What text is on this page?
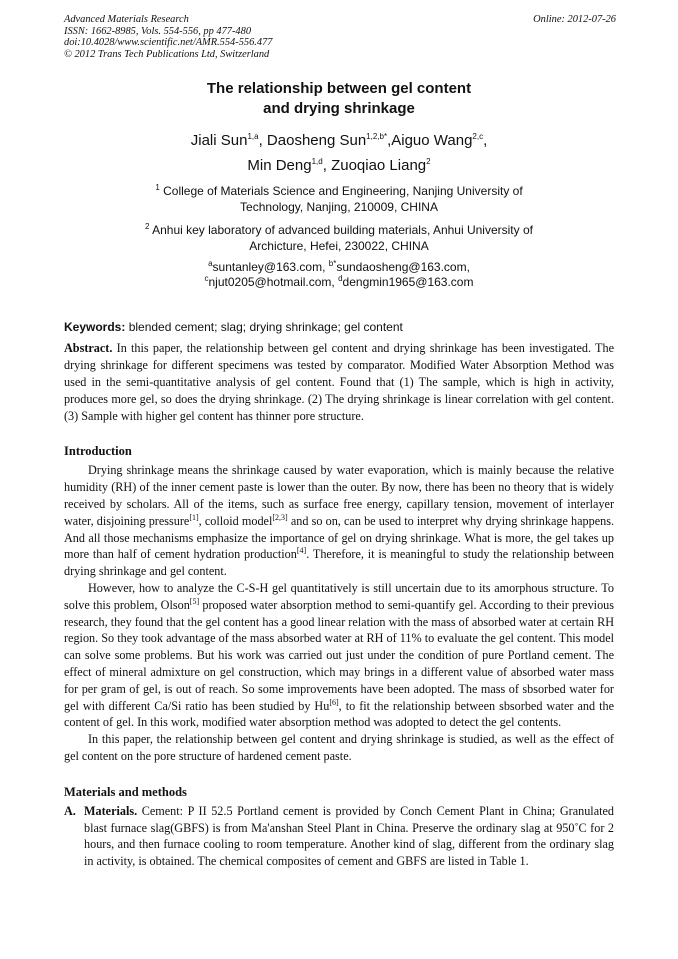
Advanced Materials Research
ISSN: 1662-8985, Vols. 554-556, pp 477-480
doi:10.4028/www.scientific.net/AMR.554-556.477
© 2012 Trans Tech Publications Ltd, Switzerland
Online: 2012-07-26
The relationship between gel content
and drying shrinkage
Jiali Sun$^{1,a}$, Daosheng Sun$^{1,2,b*}$,Aiguo Wang$^{2,c}$,
Min Deng$^{1,d}$, Zuoqiao Liang$^2$
$^1$ College of Materials Science and Engineering, Nanjing University of
Technology, Nanjing, 210009, CHINA
$^2$ Anhui key laboratory of advanced building materials, Anhui University of
Archicture, Hefei, 230022, CHINA
$^a$suntanley@163.com, $^{b*}$sundaosheng@163.com,
$^c$njut0205@hotmail.com, $^d$dengmin1965@163.com
Keywords: blended cement; slag; drying shrinkage; gel content

Abstract. In this paper, the relationship between gel content and drying shrinkage has been investigated. The drying shrinkage for different specimens was tested by comparator. Modified Water Absorption Method was used in the semi-quantitative analysis of gel content. Found that (1) The sample, which is high in activity, produces more gel, so does the drying shrinkage. (2) The drying shrinkage is linear correlation with gel content. (3) Sample with higher gel content has thinner pore structure.

Introduction

Drying shrinkage means the shrinkage caused by water evaporation, which is mainly because the relative humidity (RH) of the inner cement paste is lower than the outer. By now, there has been no theory that is widely received by scholars. All of the items, such as surface free energy, capillary tension, movement of interlayer water, disjoining pressure[1], colloid model[2,3] and so on, can be used to interpret why drying shrinkage happens. And all those mechanisms emphasize the importance of gel on drying shrinkage. What is more, the gel takes up more than half of cement hydration production[4]. Therefore, it is meaningful to study the relationship between drying shrinkage and gel content.

However, how to analyze the C-S-H gel quantitatively is still uncertain due to its amorphous structure. To solve this problem, Olson[5] proposed water absorption method to semi-quantify gel. According to their previous research, they found that the gel content has a good linear relation with the mass of absorbed water at certain RH region. So they took advantage of the mass absorbed water at RH of 11% to evaluate the gel content. This model can solve some problems. But his work was carried out just under the condition of pure Portland cement. The effect of mineral admixture on gel construction, which may brings in a different value of absorbed water mass for per gram of gel, is out of reach. So some improvements have been adopted. The mass of sbsorbed water for gel with different Ca/Si ratio has been studied by Hu[6], to fit the relationship between sbsorbed water and the content of gel. In this work, modified water absorption method was adopted to detect the gel contents.

In this paper, the relationship between gel content and drying shrinkage is studied, as well as the effect of gel content on the pore structure of hardened cement paste.

Materials and methods
A. Materials. Cement: P II 52.5 Portland cement is provided by Conch Cement Plant in China; Granulated blast furnace slag(GBFS) is from Ma'anshan Steel Plant in China. Preserve the ordinary slag at 950˚C for 2 hours, and then furnace cooling to room temperature. Another kind of slag, different from the ordinary slag in activity, is obtained. The chemical composites of cement and GBFS are listed in Table 1.
